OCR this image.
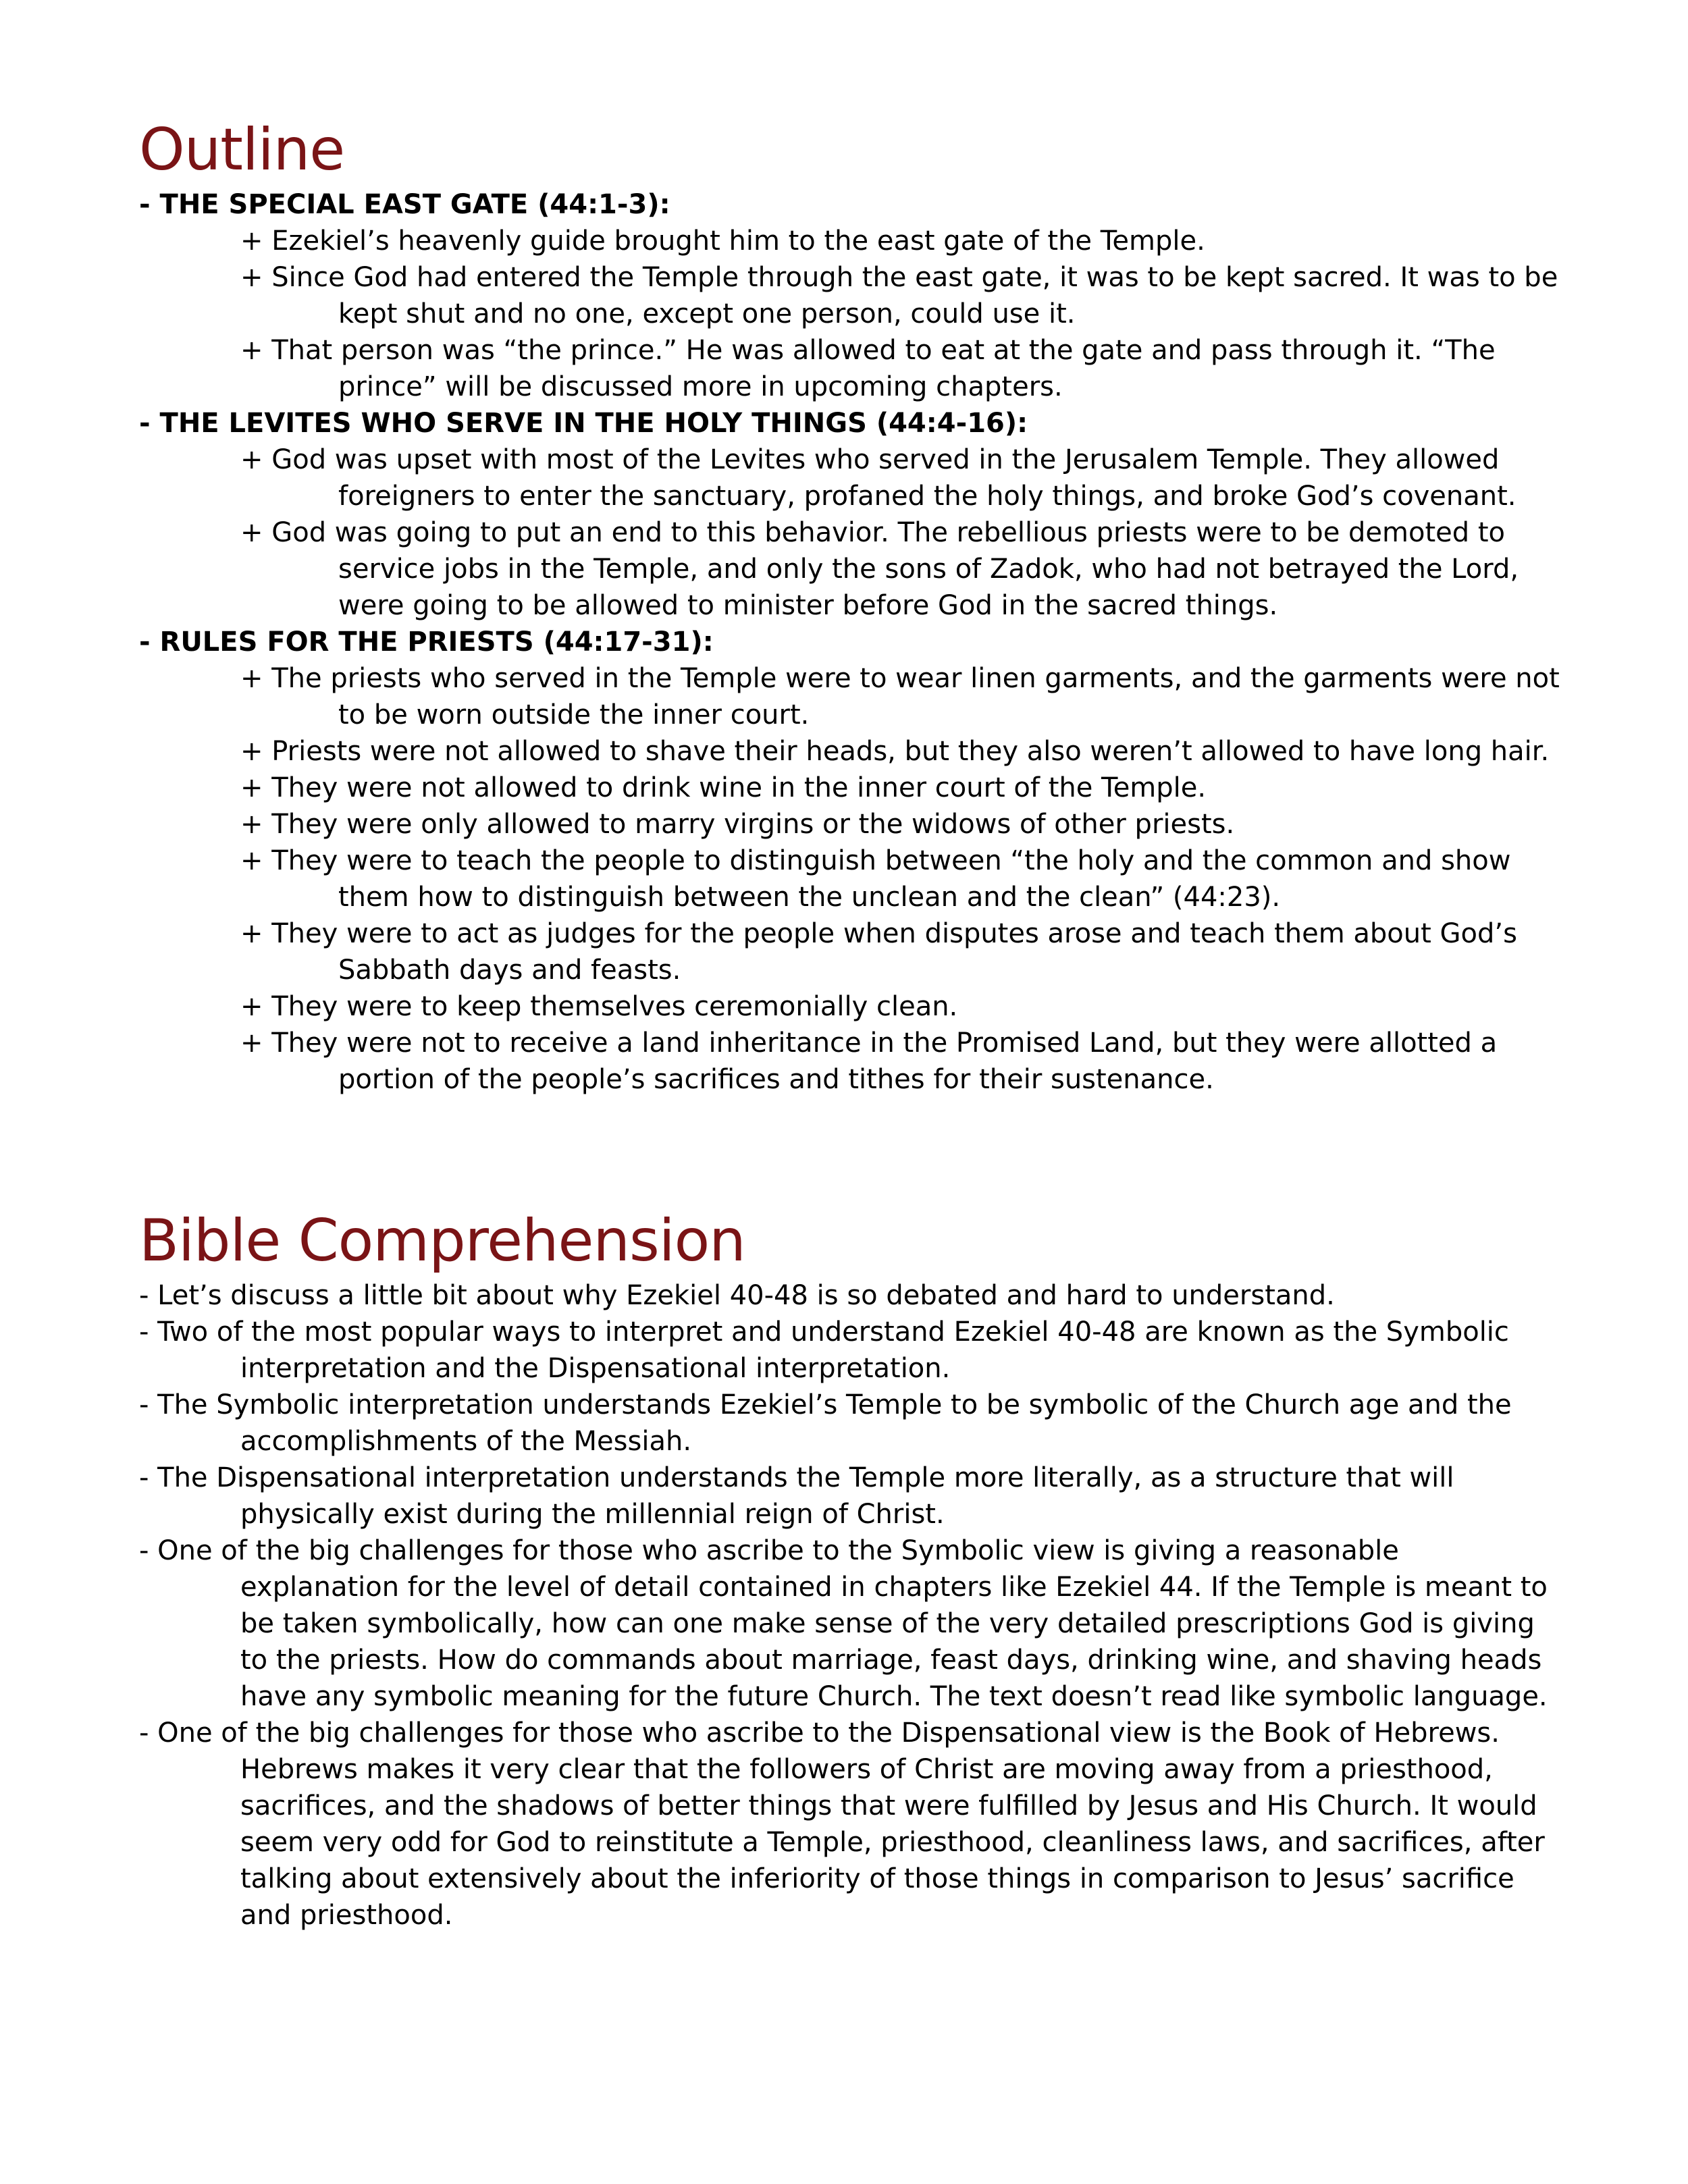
Outline

- THE SPECIAL EAST GATE (44:1-3):

+ Ezekiel’s heavenly guide brought him to the east gate of the Temple.

+ Since God had entered the Temple through the east gate, it was to be kept sacred. It was to be kept shut and no one, except one person, could use it.

+ That person was “the prince.” He was allowed to eat at the gate and pass through it. “The prince” will be discussed more in upcoming chapters.

- THE LEVITES WHO SERVE IN THE HOLY THINGS (44:4-16):

+ God was upset with most of the Levites who served in the Jerusalem Temple. They allowed foreigners to enter the sanctuary, profaned the holy things, and broke God’s covenant.

+ God was going to put an end to this behavior. The rebellious priests were to be demoted to service jobs in the Temple, and only the sons of Zadok, who had not betrayed the Lord, were going to be allowed to minister before God in the sacred things.

- RULES FOR THE PRIESTS (44:17-31):

+ The priests who served in the Temple were to wear linen garments, and the garments were not to be worn outside the inner court.

+ Priests were not allowed to shave their heads, but they also weren’t allowed to have long hair.

+ They were not allowed to drink wine in the inner court of the Temple.

+ They were only allowed to marry virgins or the widows of other priests.

+ They were to teach the people to distinguish between “the holy and the common and show them how to distinguish between the unclean and the clean” (44:23).

+ They were to act as judges for the people when disputes arose and teach them about God’s Sabbath days and feasts.

+ They were to keep themselves ceremonially clean.

+ They were not to receive a land inheritance in the Promised Land, but they were allotted a portion of the people’s sacrifices and tithes for their sustenance.

Bible Comprehension

- Let’s discuss a little bit about why Ezekiel 40-48 is so debated and hard to understand.

- Two of the most popular ways to interpret and understand Ezekiel 40-48 are known as the Symbolic interpretation and the Dispensational interpretation.

- The Symbolic interpretation understands Ezekiel’s Temple to be symbolic of the Church age and the accomplishments of the Messiah.

- The Dispensational interpretation understands the Temple more literally, as a structure that will physically exist during the millennial reign of Christ.

- One of the big challenges for those who ascribe to the Symbolic view is giving a reasonable explanation for the level of detail contained in chapters like Ezekiel 44. If the Temple is meant to be taken symbolically, how can one make sense of the very detailed prescriptions God is giving to the priests. How do commands about marriage, feast days, drinking wine, and shaving heads have any symbolic meaning for the future Church. The text doesn’t read like symbolic language.

- One of the big challenges for those who ascribe to the Dispensational view is the Book of Hebrews. Hebrews makes it very clear that the followers of Christ are moving away from a priesthood, sacrifices, and the shadows of better things that were fulfilled by Jesus and His Church. It would seem very odd for God to reinstitute a Temple, priesthood, cleanliness laws, and sacrifices, after talking about extensively about the inferiority of those things in comparison to Jesus’ sacrifice and priesthood.
